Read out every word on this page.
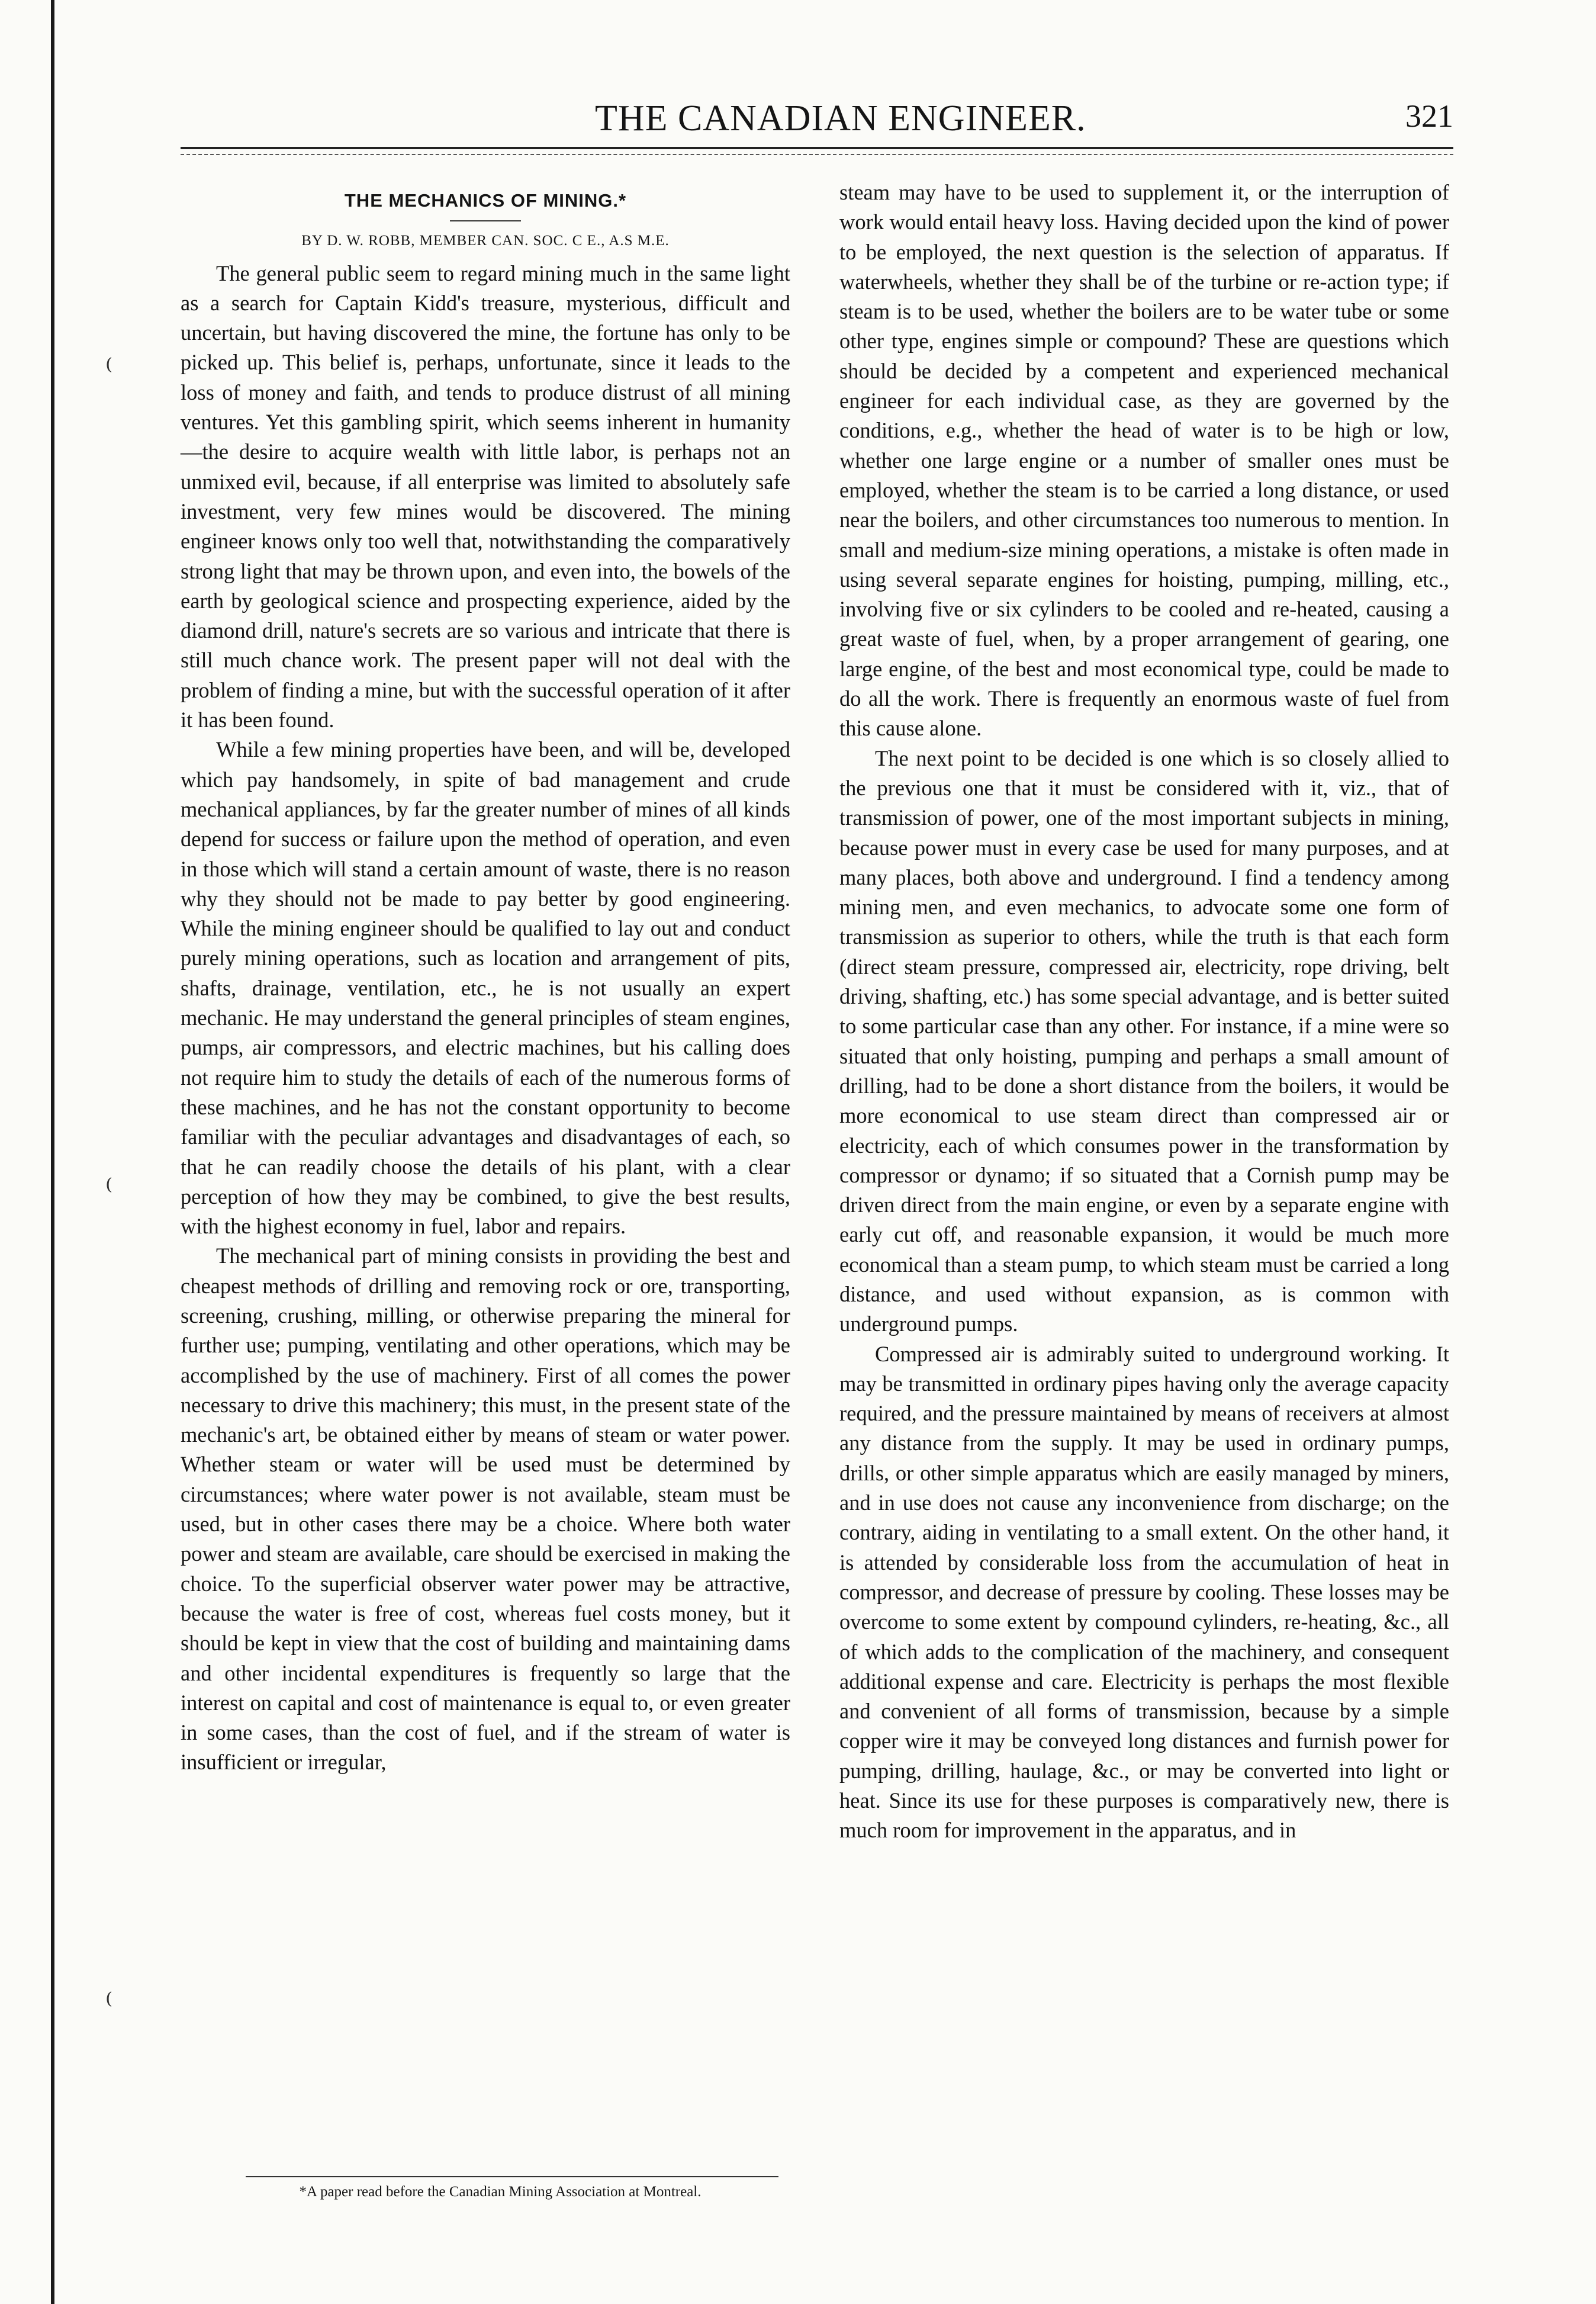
⁽
⁽
⁽
THE CANADIAN ENGINEER.	321
THE MECHANICS OF MINING.*
BY D. W. ROBB, MEMBER CAN. SOC. C E., A.S M.E.

The general public seem to regard mining much in the same light as a search for Captain Kidd's treasure, mysterious, difficult and uncertain, but having discovered the mine, the fortune has only to be picked up. This belief is, perhaps, unfortunate, since it leads to the loss of money and faith, and tends to produce distrust of all mining ventures. Yet this gambling spirit, which seems inherent in humanity—the desire to acquire wealth with little labor, is perhaps not an unmixed evil, because, if all enterprise was limited to absolutely safe investment, very few mines would be discovered. The mining engineer knows only too well that, notwithstanding the comparatively strong light that may be thrown upon, and even into, the bowels of the earth by geological science and prospecting experience, aided by the diamond drill, nature's secrets are so various and intricate that there is still much chance work. The present paper will not deal with the problem of finding a mine, but with the successful operation of it after it has been found.

While a few mining properties have been, and will be, developed which pay handsomely, in spite of bad management and crude mechanical appliances, by far the greater number of mines of all kinds depend for success or failure upon the method of operation, and even in those which will stand a certain amount of waste, there is no reason why they should not be made to pay better by good engineering. While the mining engineer should be qualified to lay out and conduct purely mining operations, such as location and arrangement of pits, shafts, drainage, ventilation, etc., he is not usually an expert mechanic. He may understand the general principles of steam engines, pumps, air compressors, and electric machines, but his calling does not require him to study the details of each of the numerous forms of these machines, and he has not the constant opportunity to become familiar with the peculiar advantages and disadvantages of each, so that he can readily choose the details of his plant, with a clear perception of how they may be combined, to give the best results, with the highest economy in fuel, labor and repairs.

The mechanical part of mining consists in providing the best and cheapest methods of drilling and removing rock or ore, transporting, screening, crushing, milling, or otherwise preparing the mineral for further use; pumping, ventilating and other operations, which may be accomplished by the use of machinery. First of all comes the power necessary to drive this machinery; this must, in the present state of the mechanic's art, be obtained either by means of steam or water power. Whether steam or water will be used must be determined by circumstances; where water power is not available, steam must be used, but in other cases there may be a choice. Where both water power and steam are available, care should be exercised in making the choice. To the superficial observer water power may be attractive, because the water is free of cost, whereas fuel costs money, but it should be kept in view that the cost of building and maintaining dams and other incidental expenditures is frequently so large that the interest on capital and cost of maintenance is equal to, or even greater in some cases, than the cost of fuel, and if the stream of water is insufficient or irregular,

steam may have to be used to supplement it, or the interruption of work would entail heavy loss. Having decided upon the kind of power to be employed, the next question is the selection of apparatus. If waterwheels, whether they shall be of the turbine or re-action type; if steam is to be used, whether the boilers are to be water tube or some other type, engines simple or compound? These are questions which should be decided by a competent and experienced mechanical engineer for each individual case, as they are governed by the conditions, e.g., whether the head of water is to be high or low, whether one large engine or a number of smaller ones must be employed, whether the steam is to be carried a long distance, or used near the boilers, and other circumstances too numerous to mention. In small and medium-size mining operations, a mistake is often made in using several separate engines for hoisting, pumping, milling, etc., involving five or six cylinders to be cooled and re-heated, causing a great waste of fuel, when, by a proper arrangement of gearing, one large engine, of the best and most economical type, could be made to do all the work. There is frequently an enormous waste of fuel from this cause alone.

The next point to be decided is one which is so closely allied to the previous one that it must be considered with it, viz., that of transmission of power, one of the most important subjects in mining, because power must in every case be used for many purposes, and at many places, both above and underground. I find a tendency among mining men, and even mechanics, to advocate some one form of transmission as superior to others, while the truth is that each form (direct steam pressure, compressed air, electricity, rope driving, belt driving, shafting, etc.) has some special advantage, and is better suited to some particular case than any other. For instance, if a mine were so situated that only hoisting, pumping and perhaps a small amount of drilling, had to be done a short distance from the boilers, it would be more economical to use steam direct than compressed air or electricity, each of which consumes power in the transformation by compressor or dynamo; if so situated that a Cornish pump may be driven direct from the main engine, or even by a separate engine with early cut off, and reasonable expansion, it would be much more economical than a steam pump, to which steam must be carried a long distance, and used without expansion, as is common with underground pumps.

Compressed air is admirably suited to underground working. It may be transmitted in ordinary pipes having only the average capacity required, and the pressure maintained by means of receivers at almost any distance from the supply. It may be used in ordinary pumps, drills, or other simple apparatus which are easily managed by miners, and in use does not cause any inconvenience from discharge; on the contrary, aiding in ventilating to a small extent. On the other hand, it is attended by considerable loss from the accumulation of heat in compressor, and decrease of pressure by cooling. These losses may be overcome to some extent by compound cylinders, re-heating, &c., all of which adds to the complication of the machinery, and consequent additional expense and care. Electricity is perhaps the most flexible and convenient of all forms of transmission, because by a simple copper wire it may be conveyed long distances and furnish power for pumping, drilling, haulage, &c., or may be converted into light or heat. Since its use for these purposes is comparatively new, there is much room for improvement in the apparatus, and in

*A paper read before the Canadian Mining Association at Montreal.
